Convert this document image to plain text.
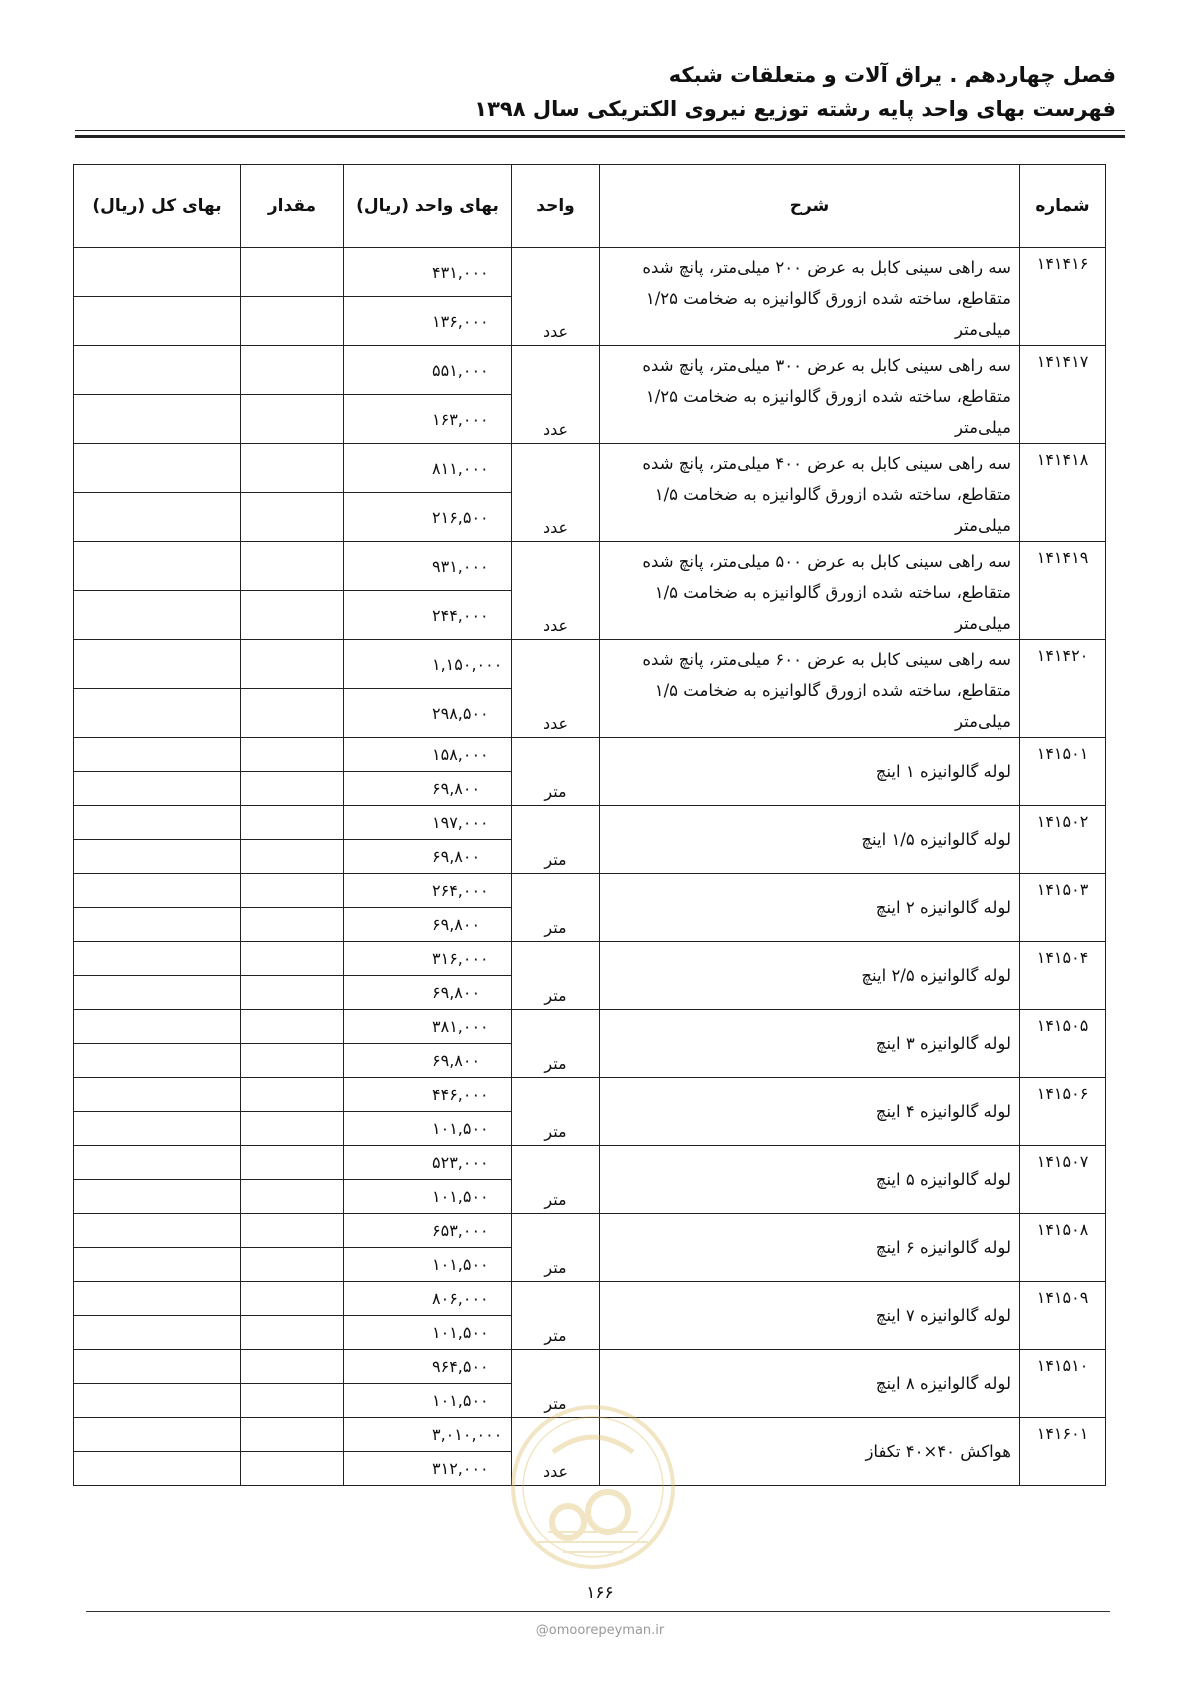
فصل چهاردهم . یراق آلات و متعلقات شبکه
فهرست بهای واحد پایه رشته توزیع نیروی الکتریکی سال ۱۳۹۸
شماره	شرح	واحد	بهای واحد (ریال)	مقدار	بهای کل (ریال)
۱۴۱۴۱۶	سه راهی سینی کابل به عرض ۲۰۰ میلی‌متر، پانچ شده متقاطع، ساخته شده ازورق گالوانیزه به ضخامت ۱/۲۵ میلی‌متر	عدد	۴۳۱,۰۰۰		
			۱۳۶,۰۰۰		
۱۴۱۴۱۷	سه راهی سینی کابل به عرض ۳۰۰ میلی‌متر، پانچ شده متقاطع، ساخته شده ازورق گالوانیزه به ضخامت ۱/۲۵ میلی‌متر	عدد	۵۵۱,۰۰۰		
			۱۶۳,۰۰۰		
۱۴۱۴۱۸	سه راهی سینی کابل به عرض ۴۰۰ میلی‌متر، پانچ شده متقاطع، ساخته شده ازورق گالوانیزه به ضخامت ۱/۵ میلی‌متر	عدد	۸۱۱,۰۰۰		
			۲۱۶,۵۰۰		
۱۴۱۴۱۹	سه راهی سینی کابل به عرض ۵۰۰ میلی‌متر، پانچ شده متقاطع، ساخته شده ازورق گالوانیزه به ضخامت ۱/۵ میلی‌متر	عدد	۹۳۱,۰۰۰		
			۲۴۴,۰۰۰		
۱۴۱۴۲۰	سه راهی سینی کابل به عرض ۶۰۰ میلی‌متر، پانچ شده متقاطع، ساخته شده ازورق گالوانیزه به ضخامت ۱/۵ میلی‌متر	عدد	۱,۱۵۰,۰۰۰		
			۲۹۸,۵۰۰		
۱۴۱۵۰۱	لوله گالوانیزه ۱ اینچ	متر	۱۵۸,۰۰۰		
			۶۹,۸۰۰		
۱۴۱۵۰۲	لوله گالوانیزه ۱/۵ اینچ	متر	۱۹۷,۰۰۰		
			۶۹,۸۰۰		
۱۴۱۵۰۳	لوله گالوانیزه ۲ اینچ	متر	۲۶۴,۰۰۰		
			۶۹,۸۰۰		
۱۴۱۵۰۴	لوله گالوانیزه ۲/۵ اینچ	متر	۳۱۶,۰۰۰		
			۶۹,۸۰۰		
۱۴۱۵۰۵	لوله گالوانیزه ۳ اینچ	متر	۳۸۱,۰۰۰		
			۶۹,۸۰۰		
۱۴۱۵۰۶	لوله گالوانیزه ۴ اینچ	متر	۴۴۶,۰۰۰		
			۱۰۱,۵۰۰		
۱۴۱۵۰۷	لوله گالوانیزه ۵ اینچ	متر	۵۲۳,۰۰۰		
			۱۰۱,۵۰۰		
۱۴۱۵۰۸	لوله گالوانیزه ۶ اینچ	متر	۶۵۳,۰۰۰		
			۱۰۱,۵۰۰		
۱۴۱۵۰۹	لوله گالوانیزه ۷ اینچ	متر	۸۰۶,۰۰۰		
			۱۰۱,۵۰۰		
۱۴۱۵۱۰	لوله گالوانیزه ۸ اینچ	متر	۹۶۴,۵۰۰		
			۱۰۱,۵۰۰		
۱۴۱۶۰۱	هواکش ۴۰×۴۰ تکفاز	عدد	۳,۰۱۰,۰۰۰		
			۳۱۲,۰۰۰		
۱۶۶
@omoorepeyman.ir
